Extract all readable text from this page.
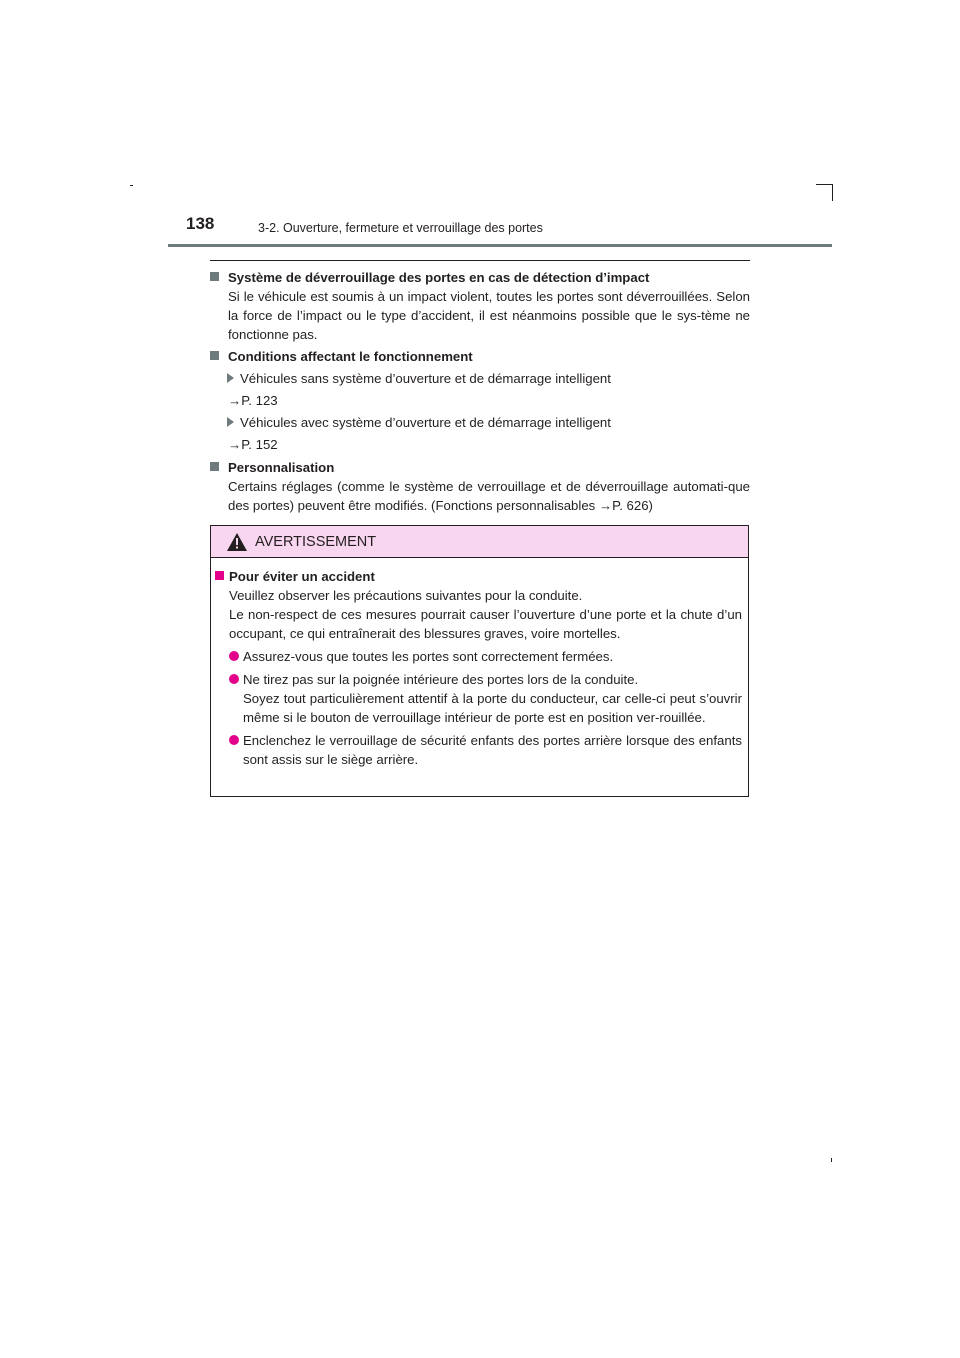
138	3-2. Ouverture, fermeture et verrouillage des portes
Système de déverrouillage des portes en cas de détection d’impact
Si le véhicule est soumis à un impact violent, toutes les portes sont déverrouillées. Selon la force de l’impact ou le type d’accident, il est néanmoins possible que le sys-tème ne fonctionne pas.
Conditions affectant le fonctionnement
Véhicules sans système d’ouverture et de démarrage intelligent
→P. 123
Véhicules avec système d’ouverture et de démarrage intelligent
→P. 152
Personnalisation
Certains réglages (comme le système de verrouillage et de déverrouillage automati-que des portes) peuvent être modifiés. (Fonctions personnalisables →P. 626)
AVERTISSEMENT
Pour éviter un accident
Veuillez observer les précautions suivantes pour la conduite.
Le non-respect de ces mesures pourrait causer l’ouverture d’une porte et la chute d’un occupant, ce qui entraînerait des blessures graves, voire mortelles.
Assurez-vous que toutes les portes sont correctement fermées.
Ne tirez pas sur la poignée intérieure des portes lors de la conduite.
Soyez tout particulièrement attentif à la porte du conducteur, car celle-ci peut s’ouvrir même si le bouton de verrouillage intérieur de porte est en position ver-rouillée.
Enclenchez le verrouillage de sécurité enfants des portes arrière lorsque des enfants sont assis sur le siège arrière.
